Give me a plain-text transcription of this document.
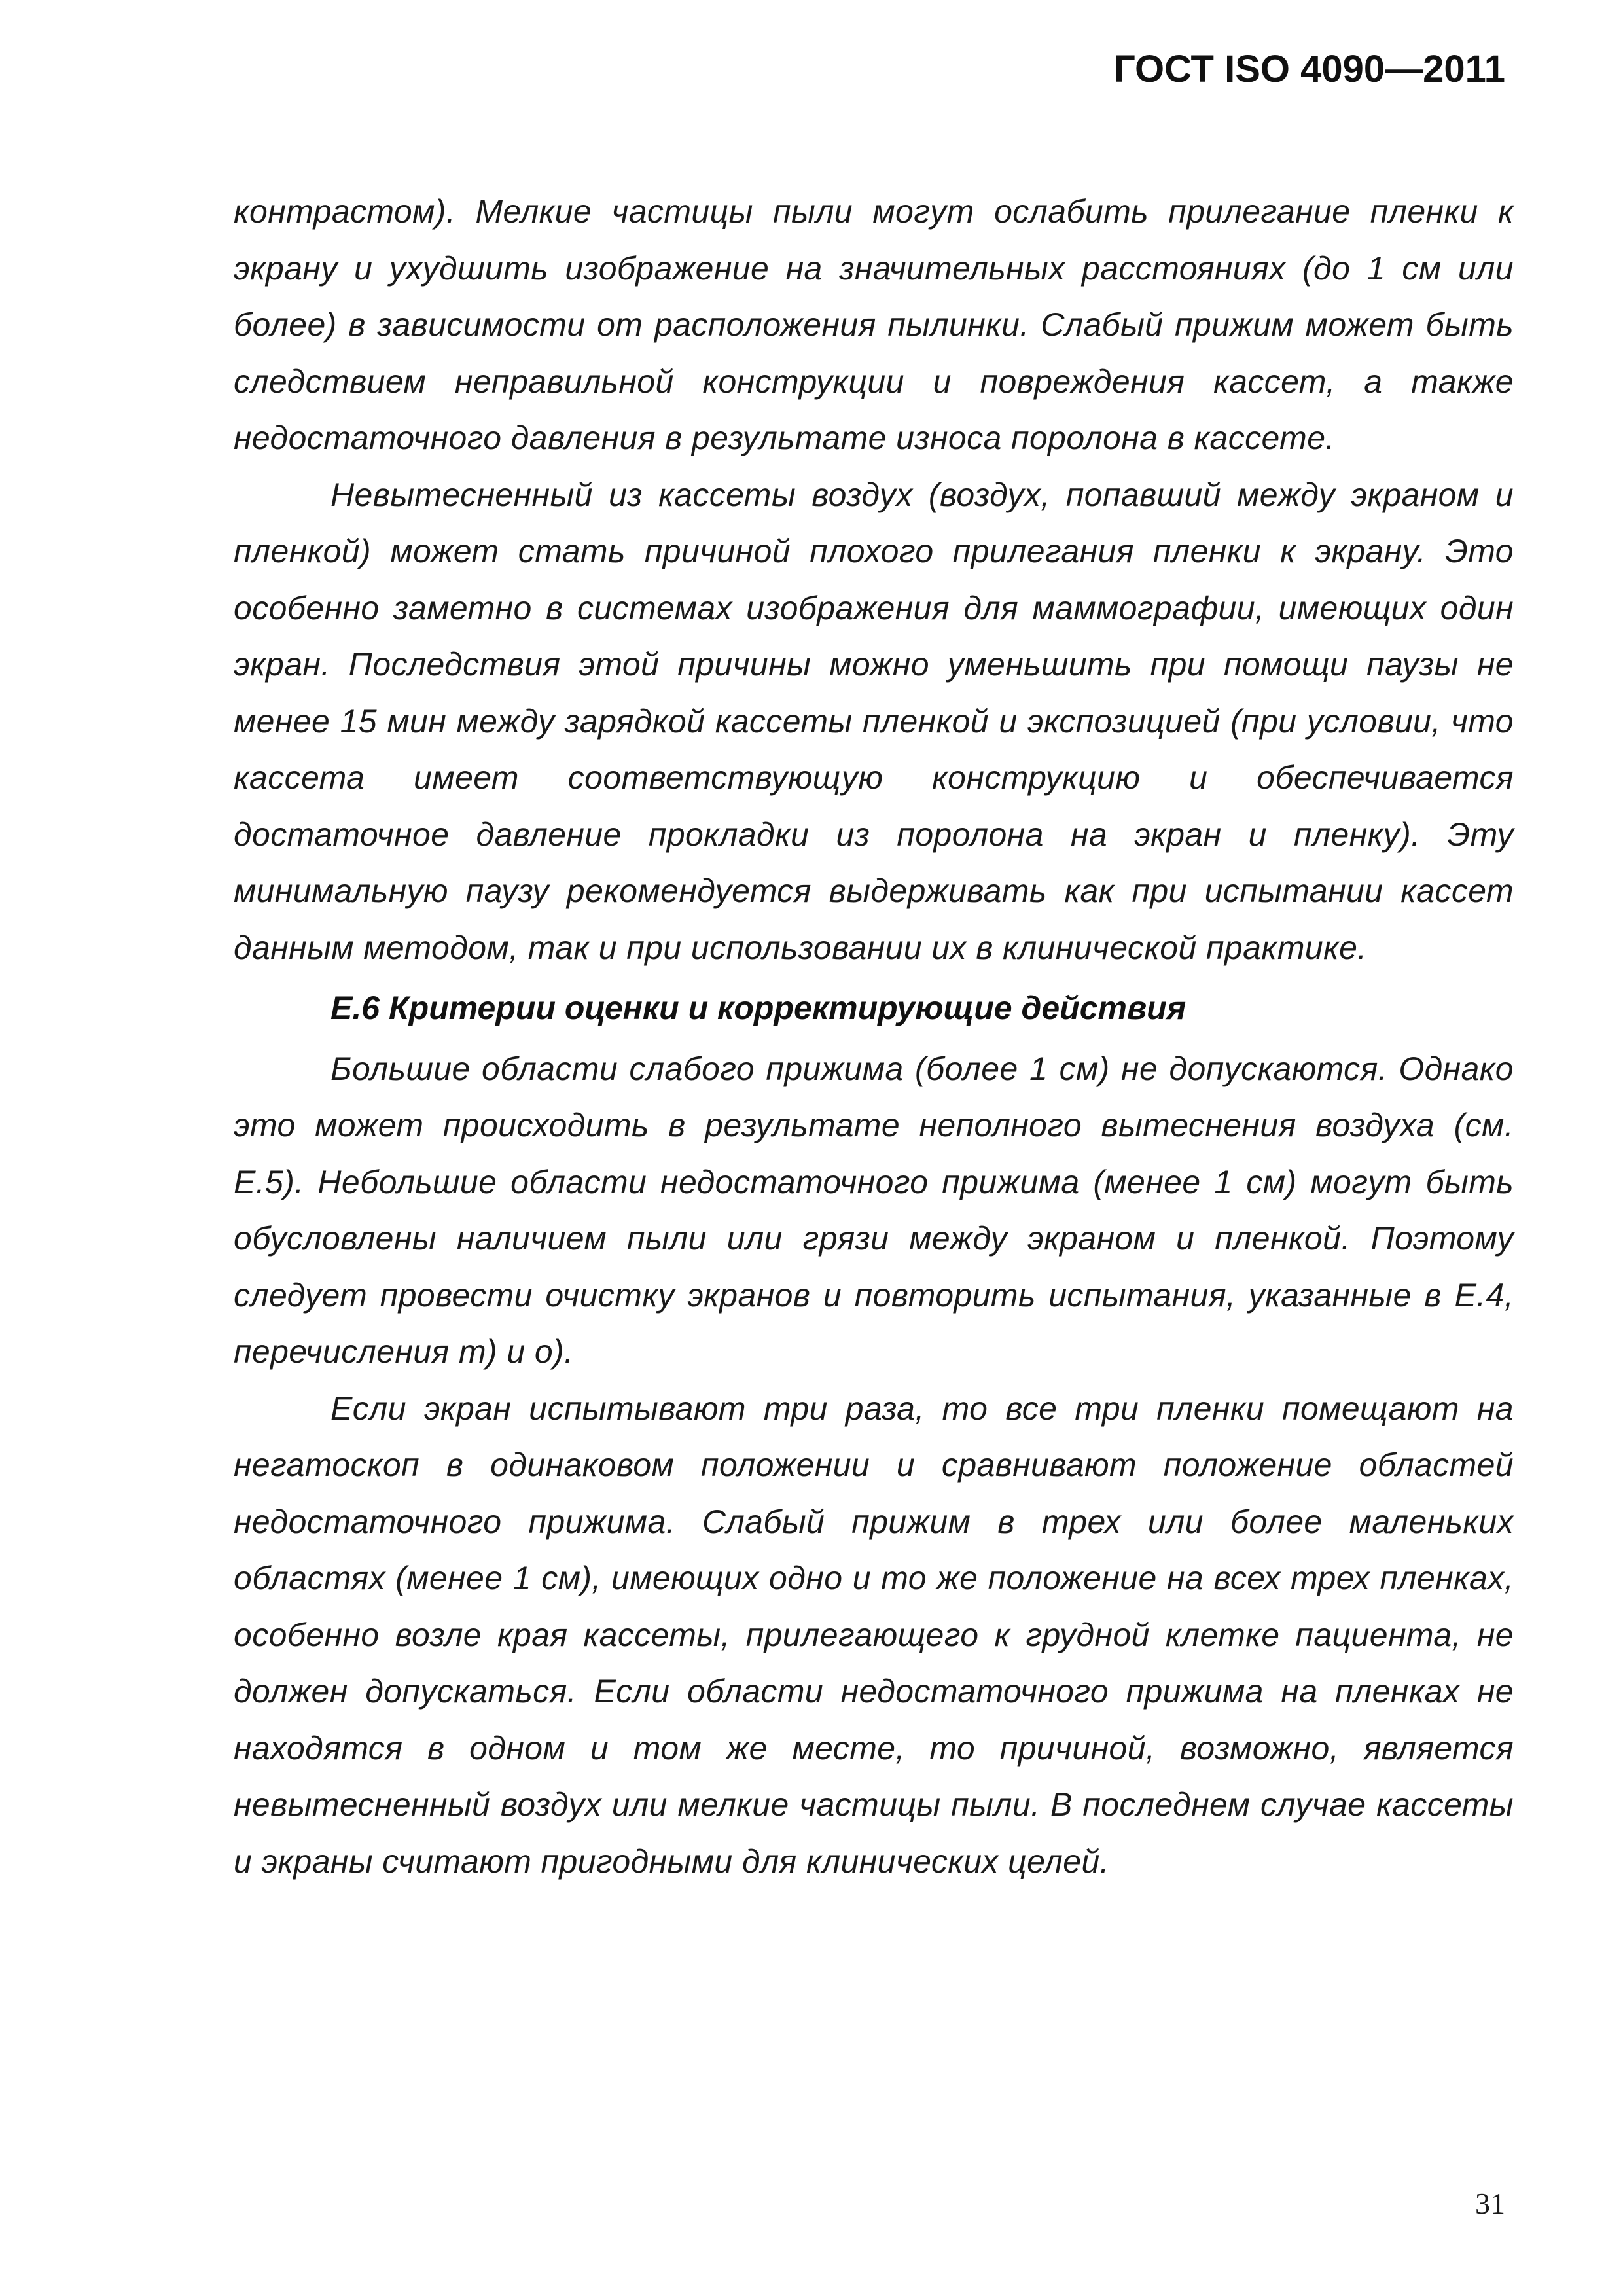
ГОСТ ISO 4090—2011

контрастом). Мелкие частицы пыли могут ослабить прилегание пленки к экрану и ухудшить изображение на значительных расстояниях (до 1 см или более) в зависимости от расположения пылинки. Слабый прижим может быть следствием неправильной конструкции и повреждения кассет, а также недостаточного давления в результате износа поролона в кассете.

Невытесненный из кассеты воздух (воздух, попавший между экраном и пленкой) может стать причиной плохого прилегания пленки к экрану. Это особенно заметно в системах изображения для маммографии, имеющих один экран. Последствия этой причины можно уменьшить при помощи паузы не менее 15 мин между зарядкой кассеты пленкой и экспозицией (при условии, что кассета имеет соответствующую конструкцию и обеспечивается достаточное давление прокладки из поролона на экран и пленку). Эту минимальную паузу рекомендуется выдерживать как при испытании кассет данным методом, так и при использовании их в клинической практике.

Е.6 Критерии оценки и корректирующие действия

Большие области слабого прижима (более 1 см) не допускаются. Однако это может происходить в результате неполного вытеснения воздуха (см. Е.5). Небольшие области недостаточного прижима (менее 1 см) могут быть обусловлены наличием пыли или грязи между экраном и пленкой. Поэтому следует провести очистку экранов и повторить испытания, указанные в Е.4, перечисления m) и o).

Если экран испытывают три раза, то все три пленки помещают на негатоскоп в одинаковом положении и сравнивают положение областей недостаточного прижима. Слабый прижим в трех или более маленьких областях (менее 1 см), имеющих одно и то же положение на всех трех пленках, особенно возле края кассеты, прилегающего к грудной клетке пациента, не должен допускаться. Если области недостаточного прижима на пленках не находятся в одном и том же месте, то причиной, возможно, является невытесненный воздух или мелкие частицы пыли. В последнем случае кассеты и экраны считают пригодными для клинических целей.

31
